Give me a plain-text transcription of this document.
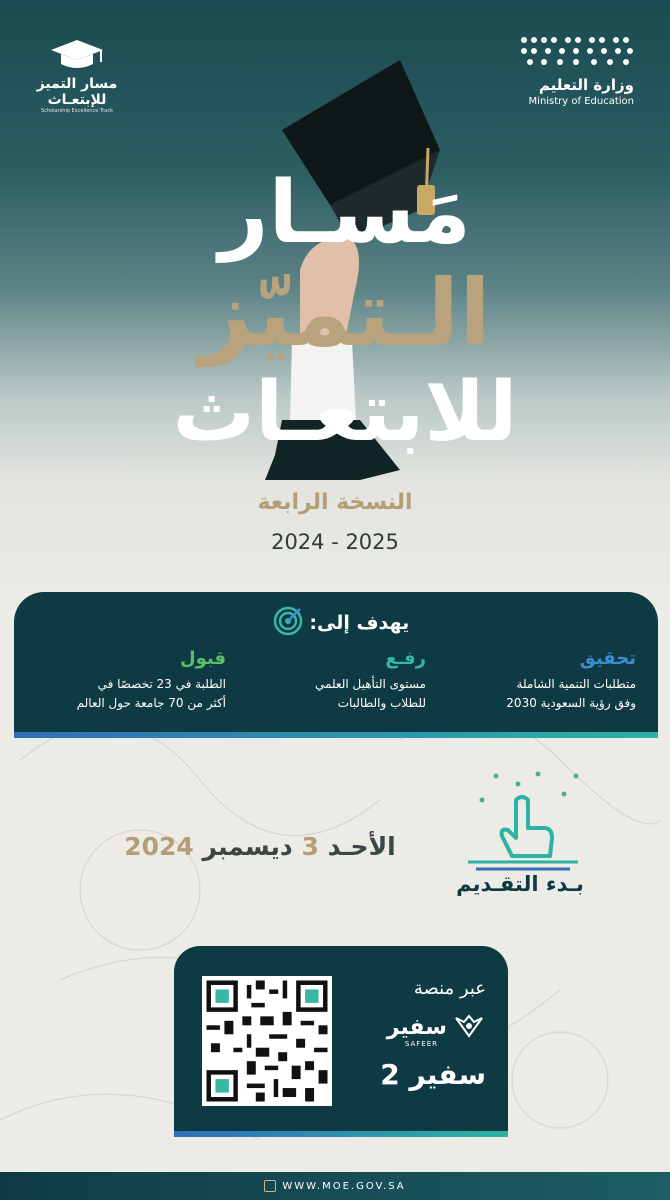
مسار التميز
للإبتعـاث
Scholarship Excellence Track
وزارة التعليم
Ministry of Education
مَسـار
الـتميّز
للابتعـاث
النسخة الرابعة
2024 - 2025
يهدف إلى:
تحقيق
متطلبات التنمية الشاملة
وفق رؤية السعودية 2030
رفـع
مستوى التأهيل العلمي
للطلاب والطالبات
قبول
الطلبة في 23 تخصصًا في
أكثر من 70 جامعة حول العالم
الأحـد 3 ديسمبر 2024
بـدء التقـديم
عبر منصة
سفير
SAFEER
سفير 2
WWW.MOE.GOV.SA
